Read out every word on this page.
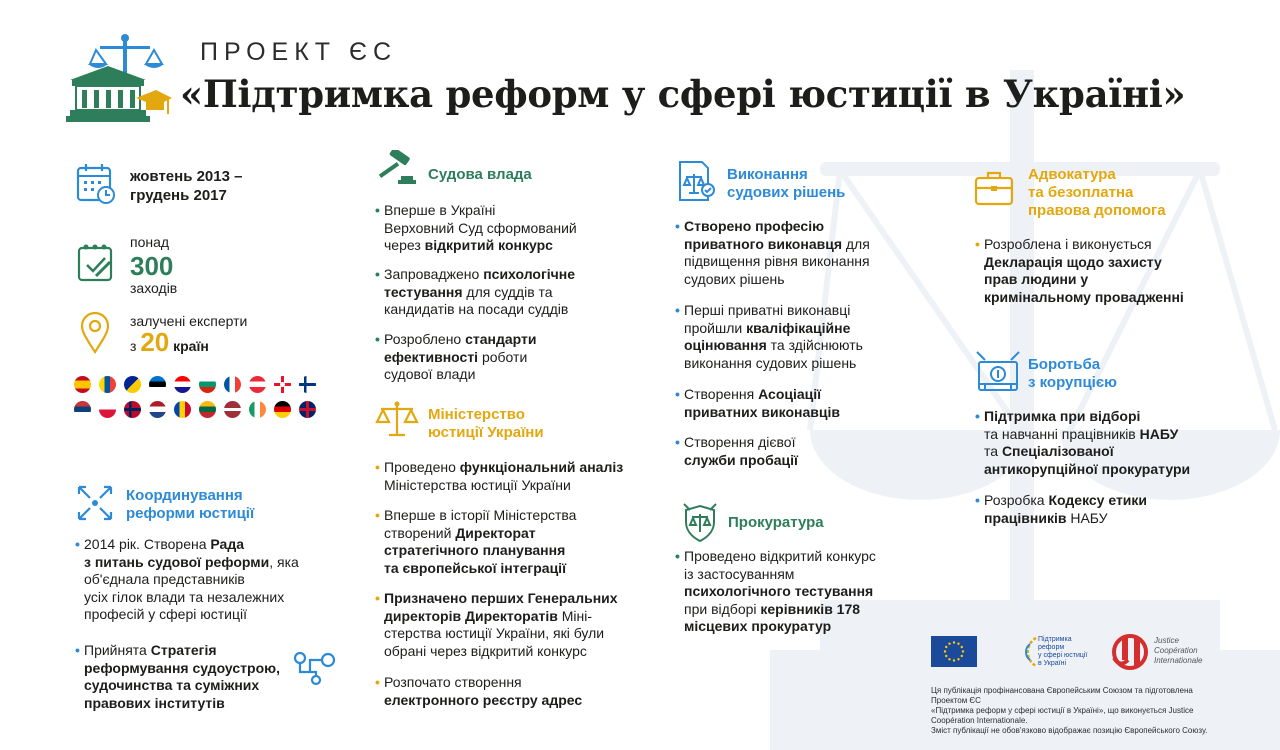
ПРОЕКТ ЄС
«Підтримка реформ у сфері юстиції в Україні»
жовтень 2013 –
грудень 2017
понад
300
заходів
залучені експерти
з 20 країн
Координування
реформи юстиції
• 2014 рік. Створена Рада
з питань судової реформи, яка об'єднала представників
усіх гілок влади та незалежних
професій у сфері юстиції
• Прийнята Стратегія
реформування судоустрою,
судочинства та суміжних
правових інститутів
Судова влада
• Вперше в Україні
Верховний Суд сформований
через відкритий конкурс
• Запроваджено психологічне
тестування для суддів та
кандидатів на посади суддів
• Розроблено стандарти
ефективності роботи
судової влади
Міністерство
юстиції України
• Проведено функціональний аналіз
Міністерства юстиції України
• Вперше в історії Міністерства
створений Директорат
стратегічного планування
та європейської інтеграції
• Призначено перших Генеральних
директорів Директоратів Міні-
стерства юстиції України, які були
обрані через відкритий конкурс
• Розпочато створення
електронного реєстру адрес
Виконання
судових рішень
• Створено професію
приватного виконавця для
підвищення рівня виконання
судових рішень
• Перші приватні виконавці
пройшли кваліфікаційне
оцінювання та здійснюють
виконання судових рішень
• Створення Асоціації
приватних виконавців
• Створення дієвої
служби пробації
Прокуратура
• Проведено відкритий конкурс
із застосуванням
психологічного тестування
при відборі керівників 178
місцевих прокуратур
Адвокатура
та безоплатна
правова допомога
• Розроблена і виконується
Декларація щодо захисту
прав людини у
кримінальному провадженні
Боротьба
з корупцією
• Підтримка при відборі
та навчанні працівників НАБУ
та Спеціалізованої
антикорупційної прокуратури
• Розробка Кодексу етики
працівників НАБУ
Підтримка реформ
у сфері юстиції
в Україні
Justice
Coopération
Internationale
Ця публікація профінансована Європейським Союзом та підготовлена Проектом ЄС
«Підтримка реформ у сфері юстиції в Україні», що виконується Justice Coopération Internationale.
Зміст публікації не обов'язково відображає позицію Європейського Союзу.
